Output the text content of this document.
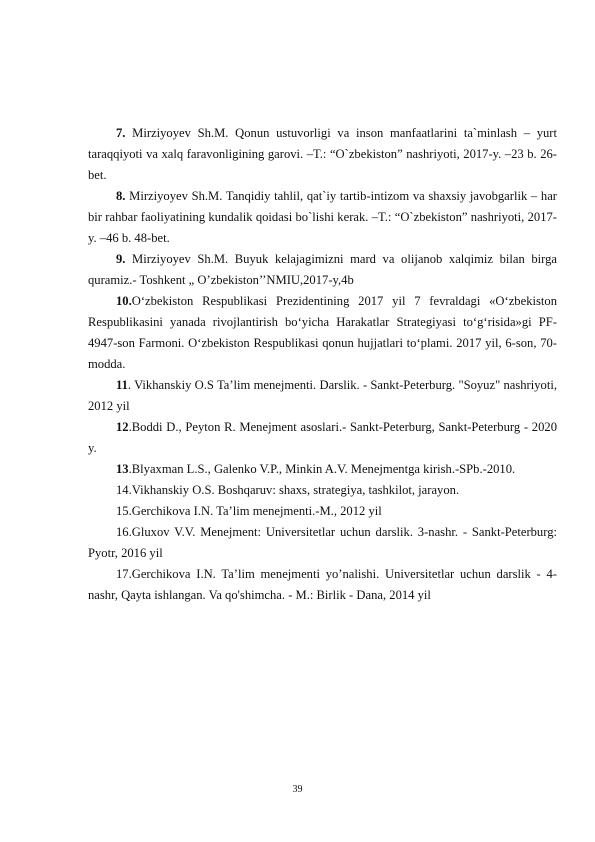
7. Mirziyoyev Sh.M. Qonun ustuvorligi va inson manfaatlarini ta`minlash – yurt taraqqiyoti va xalq faravonligining garovi. –T.: “O`zbekiston” nashriyoti, 2017-y. –23 b. 26-bet.

8. Mirziyoyev Sh.M. Tanqidiy tahlil, qat`iy tartib-intizom va shaxsiy javobgarlik – har bir rahbar faoliyatining kundalik qoidasi bo`lishi kerak. –T.: “O`zbekiston” nashriyoti, 2017-y. –46 b. 48-bet.

9. Mirziyoyev Sh.M. Buyuk kelajagimizni mard va olijanob xalqimiz bilan birga quramiz.- Toshkent „ O’zbekiston’’NMIU,2017-y,4b

10.O‘zbekiston Respublikasi Prezidentining 2017 yil 7 fevraldagi «O‘zbekiston Respublikasini yanada rivojlantirish bo‘yicha Harakatlar Strategiyasi to‘g‘risida»gi PF-4947-son Farmoni. O‘zbekiston Respublikasi qonun hujjatlari to‘plami. 2017 yil, 6-son, 70-modda.

11. Vikhanskiy O.S Ta’lim menejmenti. Darslik. - Sankt-Peterburg. "Soyuz" nashriyoti, 2012 yil

12.Boddi D., Peyton R. Menejment asoslari.- Sankt-Peterburg, Sankt-Peterburg - 2020 y.

13.Blyaxman L.S., Galenko V.P., Minkin A.V. Menejmentga kirish.-SPb.-2010.

14.Vikhanskiy O.S. Boshqaruv: shaxs, strategiya, tashkilot, jarayon.

15.Gerchikova I.N. Ta’lim menejmenti.-M., 2012 yil

16.Gluxov V.V. Menejment: Universitetlar uchun darslik. 3-nashr. - Sankt-Peterburg: Pyotr, 2016 yil

17.Gerchikova I.N. Ta’lim menejmenti yo’nalishi. Universitetlar uchun darslik - 4-nashr, Qayta ishlangan. Va qo'shimcha. - M.: Birlik - Dana, 2014 yil

39
